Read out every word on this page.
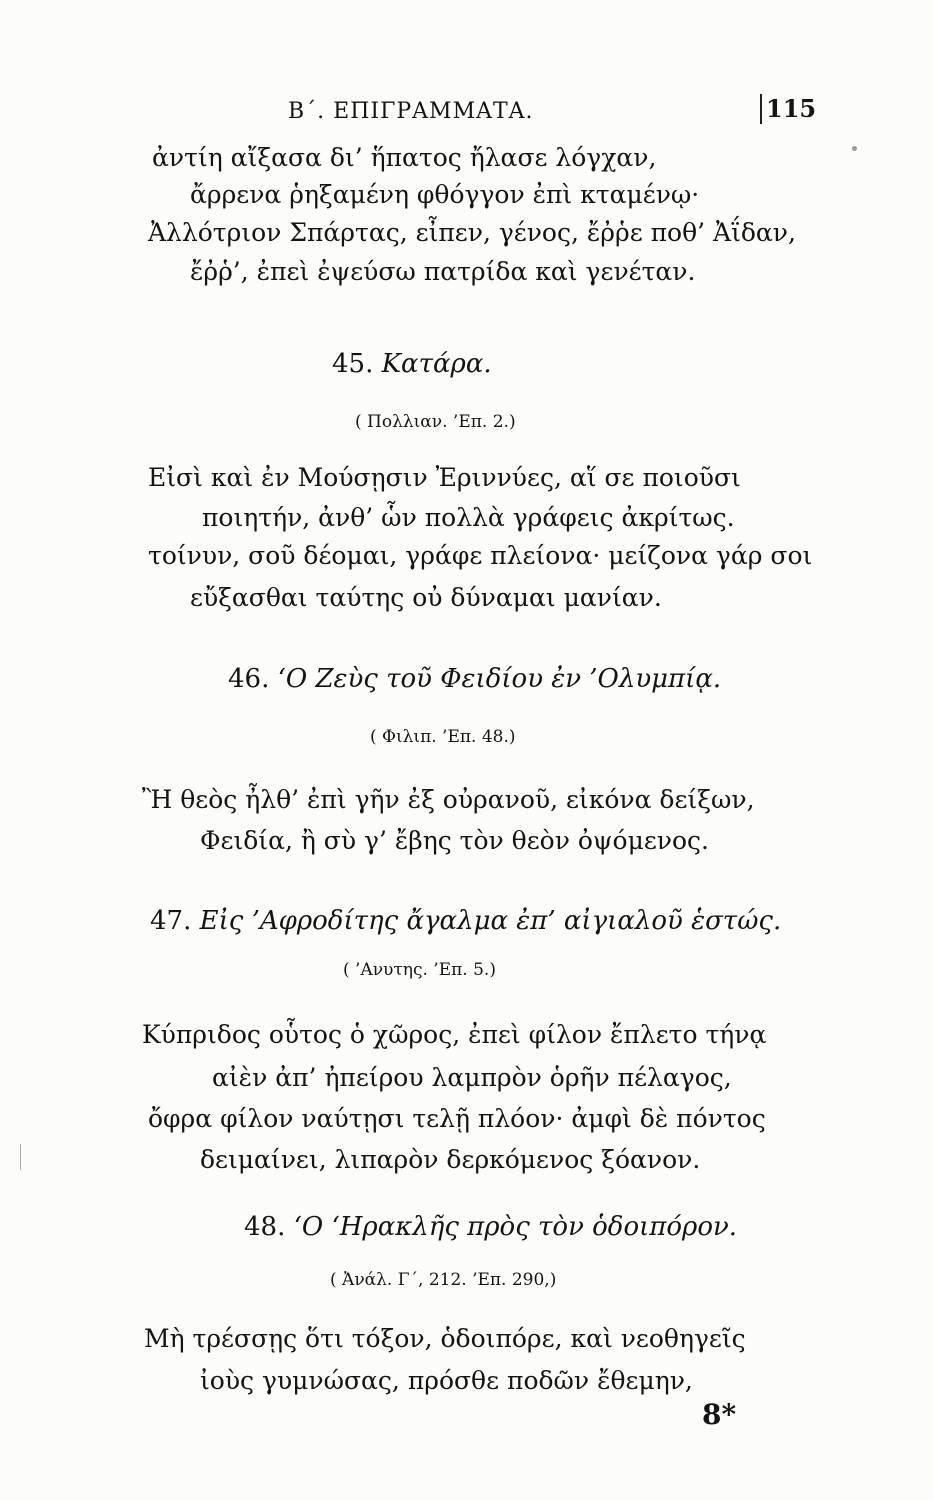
Β΄. ΕΠΙΓΡΑΜΜΑΤΑ.	115
ἀντίη αἴξασα δι’ ἥπατος ἤλασε λόγχαν,
ἄρρενα ῥηξαμένη φθόγγον ἐπὶ κταμένῳ·
Ἀλλότριον Σπάρτας, εἶπεν, γένος, ἔῤῥε ποθ’ Ἀΐδαν,
ἔῤῥ’, ἐπεὶ ἐψεύσω πατρίδα καὶ γενέταν.
45. Κατάρα.
( Πολλιαν. ’Επ. 2.)
Εἰσὶ καὶ ἐν Μούσῃσιν Ἐριννύες, αἵ σε ποιοῦσι
ποιητήν, ἀνθ’ ὧν πολλὰ γράφεις ἀκρίτως.
τοίνυν, σοῦ δέομαι, γράφε πλείονα· μείζονα γάρ σοι
εὔξασθαι ταύτης οὐ δύναμαι μανίαν.
46. ‘Ο Ζεὺς τοῦ Φειδίου ἐν ’Ολυμπίᾳ.
( Φιλιπ. ’Επ. 48.)
Ἢ θεὸς ἦλθ’ ἐπὶ γῆν ἐξ οὐρανοῦ, εἰκόνα δείξων,
Φειδία, ἢ σὺ γ’ ἔβης τὸν θεὸν ὀψόμενος.
47. Εἰς ’Αφροδίτης ἄγαλμα ἐπ’ αἰγιαλοῦ ἑστώς.
( ’Ανυτης. ’Επ. 5.)
Κύπριδος οὗτος ὁ χῶρος, ἐπεὶ φίλον ἔπλετο τήνᾳ
αἰὲν ἀπ’ ἠπείρου λαμπρὸν ὁρῆν πέλαγος,
ὄφρα φίλον ναύτῃσι τελῇ πλόον· ἀμφὶ δὲ πόντος
δειμαίνει, λιπαρὸν δερκόμενος ξόανον.
48. ‘Ο ‘Ηρακλῆς πρὸς τὸν ὁδοιπόρον.
( Ἀνάλ. Γ΄, 212. ’Επ. 290,)
Μὴ τρέσσῃς ὅτι τόξον, ὁδοιπόρε, καὶ νεοθηγεῖς
ἰοὺς γυμνώσας, πρόσθε ποδῶν ἔθεμην,
8*
